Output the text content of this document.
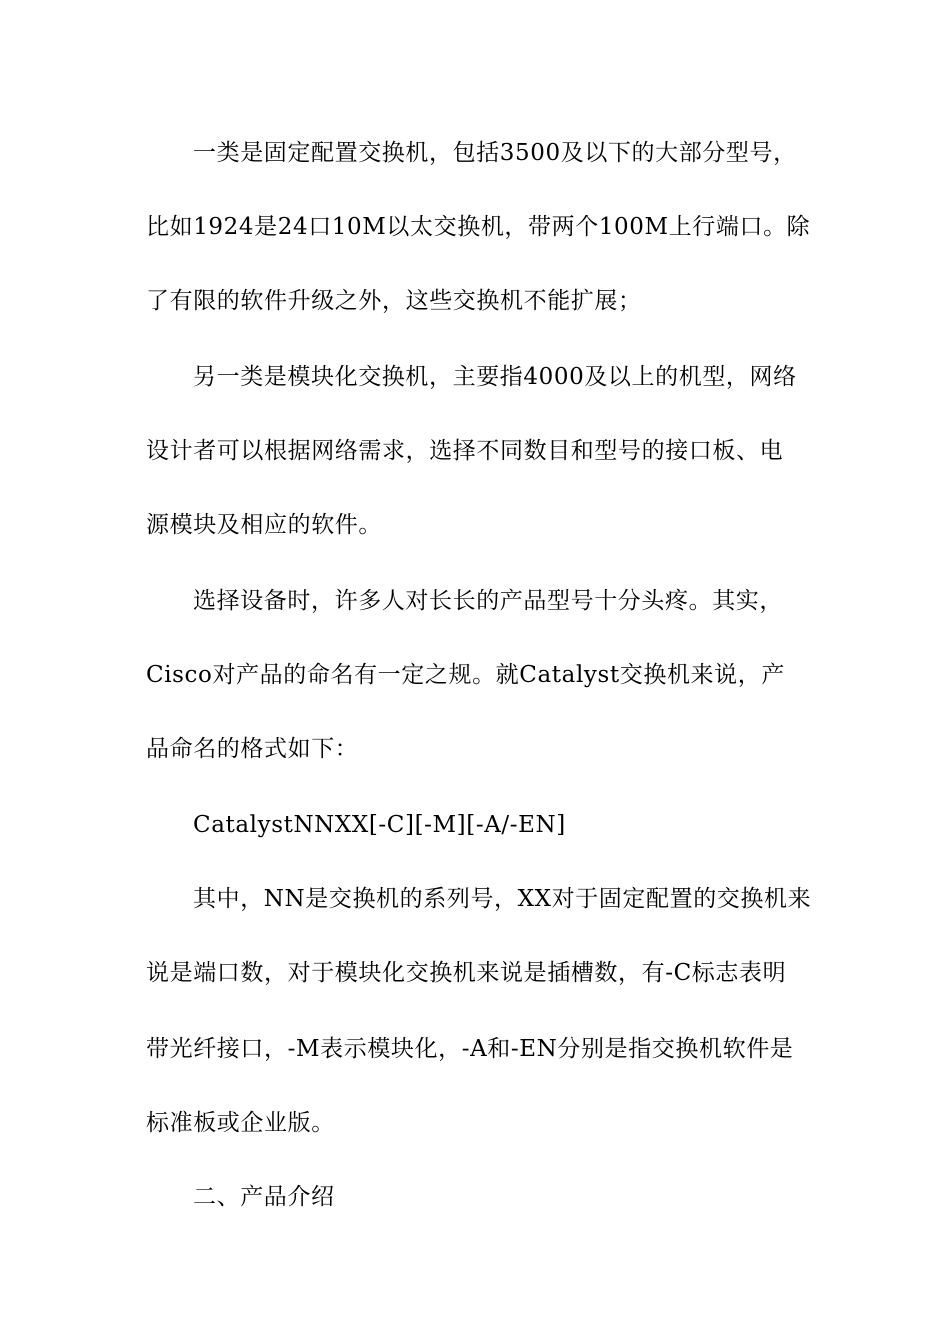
一类是固定配置交换机，包括3500及以下的大部分型号，
比如1924是24口10M以太交换机，带两个100M上行端口。除
了有限的软件升级之外，这些交换机不能扩展；
另一类是模块化交换机，主要指4000及以上的机型，网络
设计者可以根据网络需求，选择不同数目和型号的接口板、电
源模块及相应的软件。
选择设备时，许多人对长长的产品型号十分头疼。其实，
Cisco对产品的命名有一定之规。就Catalyst交换机来说，产
品命名的格式如下：
CatalystNNXX[-C][-M][-A/-EN]
其中，NN是交换机的系列号，XX对于固定配置的交换机来
说是端口数，对于模块化交换机来说是插槽数，有-C标志表明
带光纤接口，-M表示模块化，-A和-EN分别是指交换机软件是
标准板或企业版。
二、产品介绍
